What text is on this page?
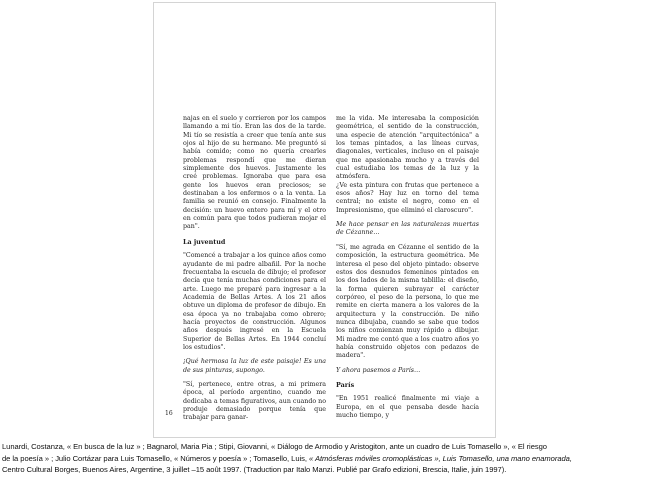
najas en el suelo y corrieron por los campos llamando a mi tío. Eran las dos de la tarde. Mi tío se resistía a creer que tenía ante sus ojos al hijo de su hermano. Me preguntó si había comido; como no quería crearles problemas respondí que me dieran simplemente dos huevos. Justamente les creé problemas. Ignoraba que para esa gente los huevos eran preciosos; se destinaban a los enfermos o a la venta. La familia se reunió en consejo. Finalmente la decisión: un huevo entero para mí y el otro en común para que todos pudieran mojar el pan".

La juventud

"Comencé a trabajar a los quince años como ayudante de mi padre albañil. Por la noche frecuentaba la escuela de dibujo; el profesor decía que tenía muchas condiciones para el arte. Luego me preparé para ingresar a la Academia de Bellas Artes. A los 21 años obtuve un diploma de profesor de dibujo. En esa época ya no trabajaba como obrero; hacía proyectos de construcción. Algunos años después ingresé en la Escuela Superior de Bellas Artes. En 1944 concluí los estudios".

¡Qué hermosa la luz de este paisaje! Es una de sus pinturas, supongo.

"Sí, pertenece, entre otras, a mi primera época, al período argentino, cuando me dedicaba a temas figurativos, aun cuando no produje demasiado porque tenía que trabajar para ganar-

me la vida. Me interesaba la composición geométrica, el sentido de la construcción, una especie de atención "arquitectónica" a los temas pintados, a las líneas curvas, diagonales, verticales, incluso en el paisaje que me apasionaba mucho y a través del cual estudiaba los temas de la luz y la atmósfera.

¿Ve esta pintura con frutas que pertenece a esos años? Hay luz en torno del tema central; no existe el negro, como en el Impresionismo, que eliminó el claroscuro".

Me hace pensar en las naturalezas muertas de Cézanne…

"Sí, me agrada en Cézanne el sentido de la composición, la estructura geométrica. Me interesa el peso del objeto pintado: observe estos dos desnudos femeninos pintados en los dos lados de la misma tablilla: el diseño, la forma quieren subrayar el carácter corpóreo, el peso de la persona, lo que me remite en cierta manera a los valores de la arquitectura y la construcción. De niño nunca dibujaba, cuando se sabe que todos los niños comienzan muy rápido a dibujar. Mi madre me contó que a los cuatro años yo había construido objetos con pedazos de madera".

Y ahora pasemos a París…

París

"En 1951 realicé finalmente mi viaje a Europa, en el que pensaba desde hacía mucho tiempo, y

16
Lunardi, Costanza, « En busca de la luz » ; Bagnarol, Maria Pia ; Stipi, Giovanni, « Diálogo de Armodio y Aristogiton, ante un cuadro de Luis Tomasello », « El riesgo
de la poesía » ; Julio Cortázar para Luis Tomasello, « Números y poesía » ; Tomasello, Luis, « Atmósferas móviles cromoplásticas », Luis Tomasello, una mano enamorada,
Centro Cultural Borges, Buenos Aires, Argentine, 3 juillet –15 août 1997. (Traduction par Italo Manzi. Publié par Grafo edizioni, Brescia, Italie, juin 1997).
